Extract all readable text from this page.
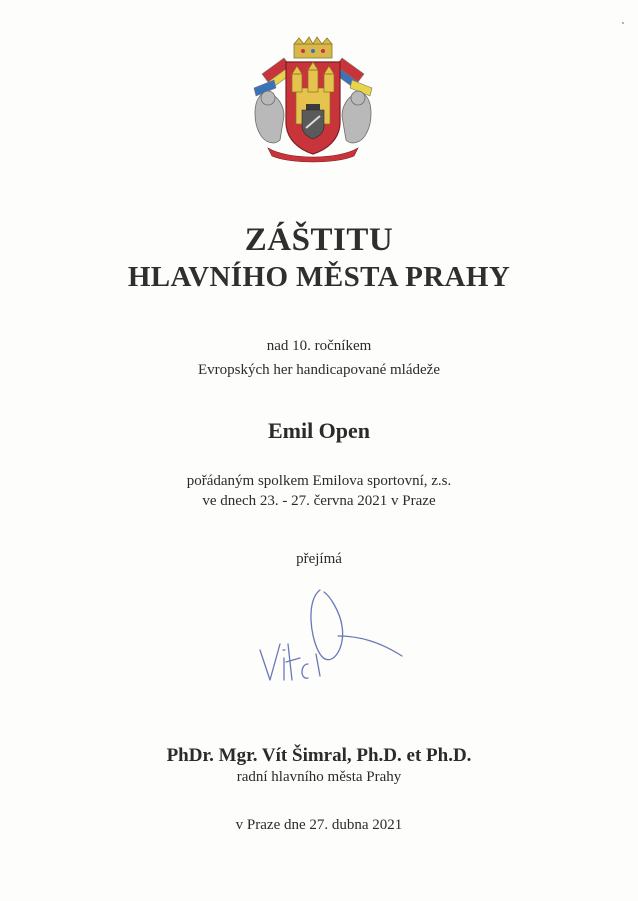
ZÁŠTITU
HLAVNÍHO MĚSTA PRAHY
nad 10. ročníkem
Evropských her handicapované mládeže
Emil Open
pořádaným spolkem Emilova sportovní, z.s.
ve dnech 23. - 27. června 2021 v Praze
přejímá
PhDr. Mgr. Vít Šimral, Ph.D. et Ph.D.
radní hlavního města Prahy
v Praze dne 27. dubna 2021
